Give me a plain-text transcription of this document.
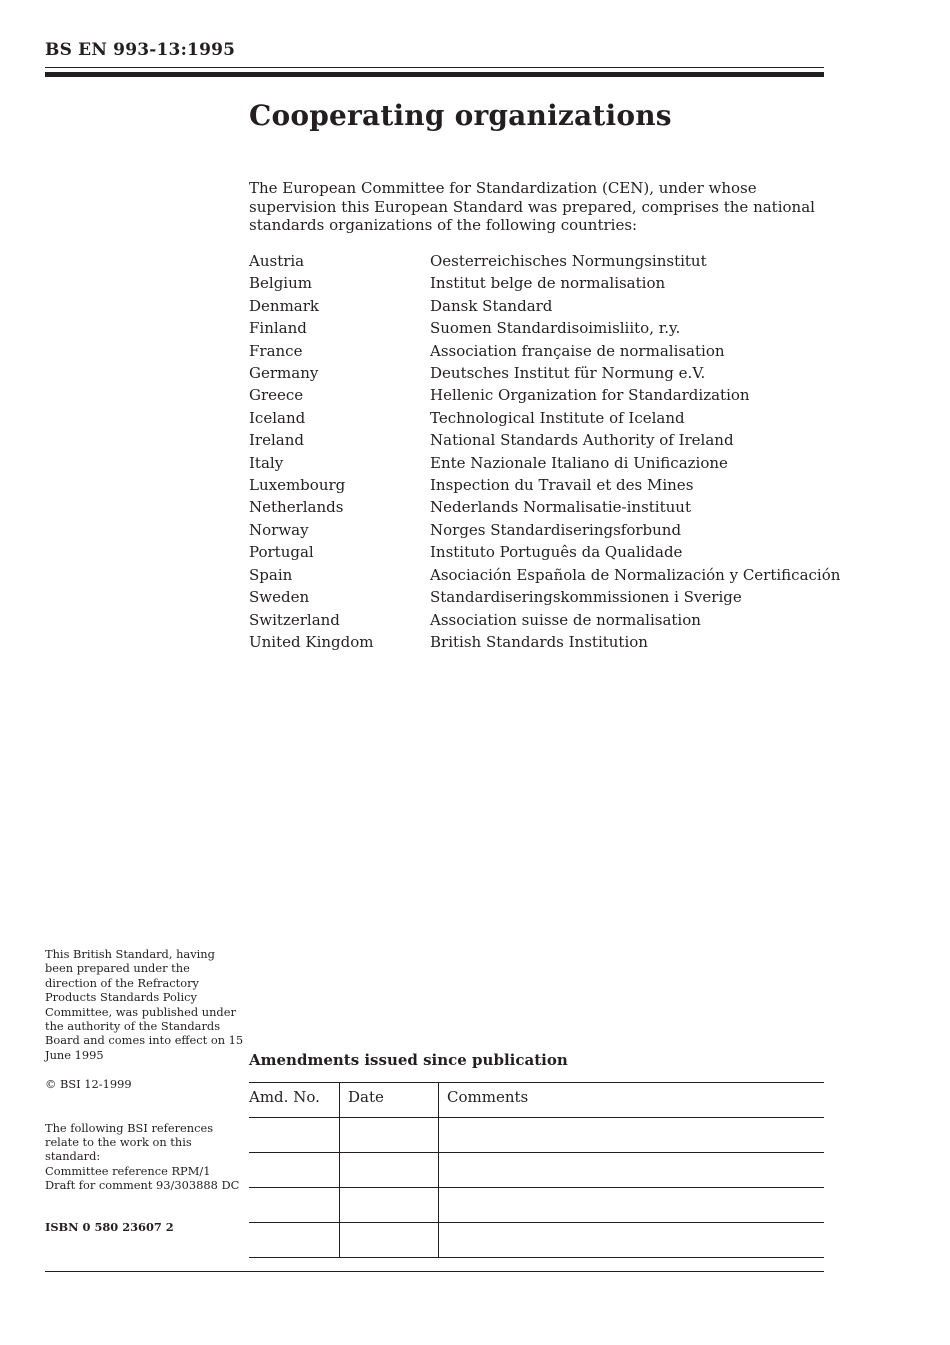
BS EN 993-13:1995
Cooperating organizations

The European Committee for Standardization (CEN), under whose supervision this European Standard was prepared, comprises the national standards organizations of the following countries:

Austria	Oesterreichisches Normungsinstitut
Belgium	Institut belge de normalisation
Denmark	Dansk Standard
Finland	Suomen Standardisoimisliito, r.y.
France	Association française de normalisation
Germany	Deutsches Institut für Normung e.V.
Greece	Hellenic Organization for Standardization
Iceland	Technological Institute of Iceland
Ireland	National Standards Authority of Ireland
Italy	Ente Nazionale Italiano di Unificazione
Luxembourg	Inspection du Travail et des Mines
Netherlands	Nederlands Normalisatie-instituut
Norway	Norges Standardiseringsforbund
Portugal	Instituto Português da Qualidade
Spain	Asociación Española de Normalización y Certificación
Sweden	Standardiseringskommissionen i Sverige
Switzerland	Association suisse de normalisation
United Kingdom	British Standards Institution

This British Standard, having been prepared under the direction of the Refractory Products Standards Policy Committee, was published under the authority of the Standards Board and comes into effect on 15 June 1995

© BSI 12-1999

The following BSI references relate to the work on this standard:

Committee reference RPM/1

Draft for comment 93/303888 DC

ISBN 0 580 23607 2

Amendments issued since publication
Amd. No.	Date	Comments
